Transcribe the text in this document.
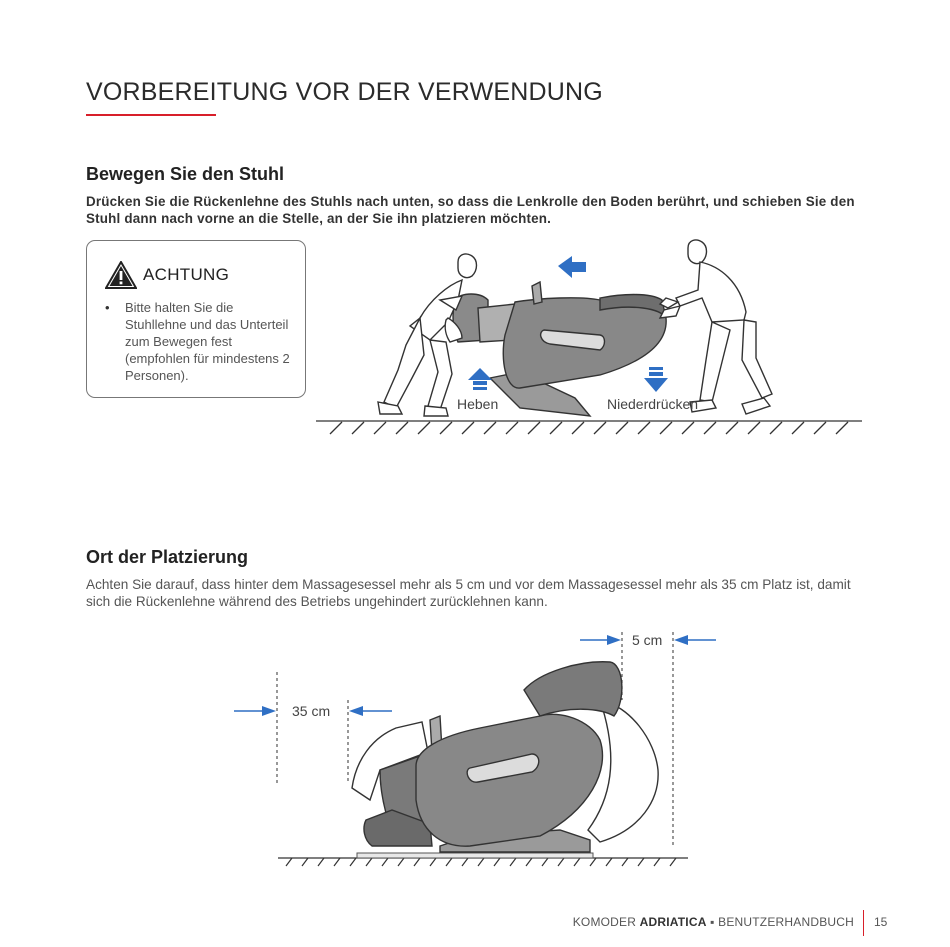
VORBEREITUNG VOR DER VERWENDUNG
Bewegen Sie den Stuhl
Drücken Sie die Rückenlehne des Stuhls nach unten, so dass die Lenkrolle den Boden berührt, und schieben Sie den Stuhl dann nach vorne an die Stelle, an der Sie ihn platzieren möchten.
ACHTUNG
• Bitte halten Sie die Stuhllehne und das Unterteil zum Bewegen fest (empfohlen für mindestens 2 Personen).
Heben	Niederdrücken
Ort der Platzierung
Achten Sie darauf, dass hinter dem Massagesessel mehr als 5 cm und vor dem Massagesessel mehr als 35 cm Platz ist, damit sich die Rückenlehne während des Betriebs ungehindert zurücklehnen kann.
35 cm
5 cm
KOMODER ADRIATICA ▪ BENUTZERHANDBUCH 15
